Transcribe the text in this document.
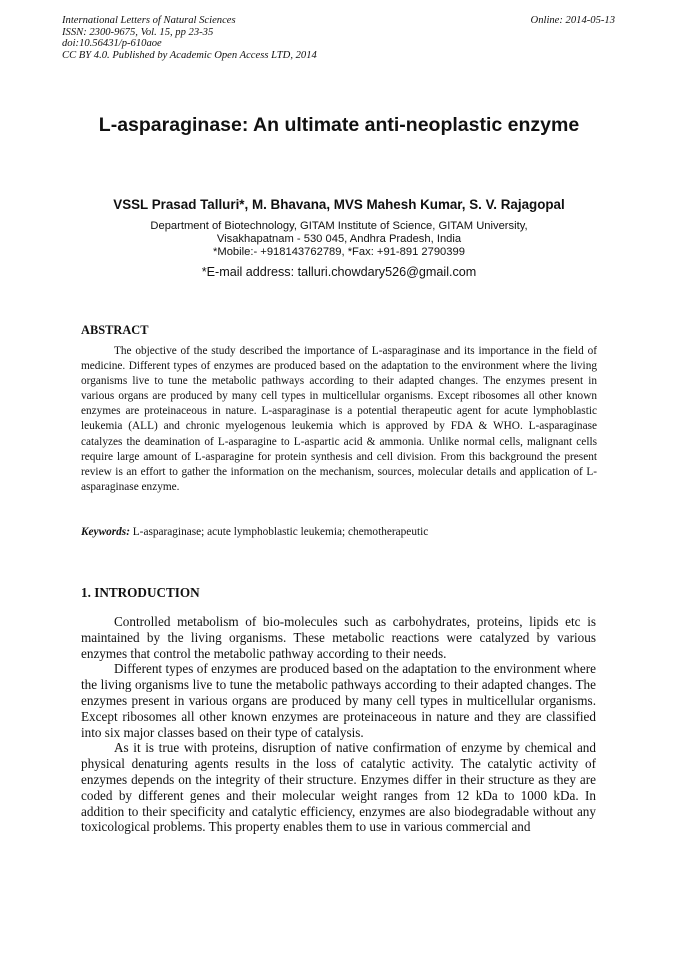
International Letters of Natural Sciences	Online: 2014-05-13
ISSN: 2300-9675, Vol. 15, pp 23-35
doi:10.56431/p-610aoe
CC BY 4.0. Published by Academic Open Access LTD, 2014
L-asparaginase: An ultimate anti-neoplastic enzyme
VSSL Prasad Talluri*, M. Bhavana, MVS Mahesh Kumar, S. V. Rajagopal
Department of Biotechnology, GITAM Institute of Science, GITAM University,
Visakhapatnam - 530 045, Andhra Pradesh, India
*Mobile:- +918143762789, *Fax: +91-891 2790399
*E-mail address: talluri.chowdary526@gmail.com
ABSTRACT

The objective of the study described the importance of L-asparaginase and its importance in the field of medicine. Different types of enzymes are produced based on the adaptation to the environment where the living organisms live to tune the metabolic pathways according to their adapted changes. The enzymes present in various organs are produced by many cell types in multicellular organisms. Except ribosomes all other known enzymes are proteinaceous in nature. L-asparaginase is a potential therapeutic agent for acute lymphoblastic leukemia (ALL) and chronic myelogenous leukemia which is approved by FDA & WHO. L-asparaginase catalyzes the deamination of L-asparagine to L-aspartic acid & ammonia. Unlike normal cells, malignant cells require large amount of L-asparagine for protein synthesis and cell division. From this background the present review is an effort to gather the information on the mechanism, sources, molecular details and application of L-asparaginase enzyme.

Keywords: L-asparaginase; acute lymphoblastic leukemia; chemotherapeutic
1. INTRODUCTION

Controlled metabolism of bio-molecules such as carbohydrates, proteins, lipids etc is maintained by the living organisms. These metabolic reactions were catalyzed by various enzymes that control the metabolic pathway according to their needs.

Different types of enzymes are produced based on the adaptation to the environment where the living organisms live to tune the metabolic pathways according to their adapted changes. The enzymes present in various organs are produced by many cell types in multicellular organisms. Except ribosomes all other known enzymes are proteinaceous in nature and they are classified into six major classes based on their type of catalysis.

As it is true with proteins, disruption of native confirmation of enzyme by chemical and physical denaturing agents results in the loss of catalytic activity. The catalytic activity of enzymes depends on the integrity of their structure. Enzymes differ in their structure as they are coded by different genes and their molecular weight ranges from 12 kDa to 1000 kDa. In addition to their specificity and catalytic efficiency, enzymes are also biodegradable without any toxicological problems. This property enables them to use in various commercial and
